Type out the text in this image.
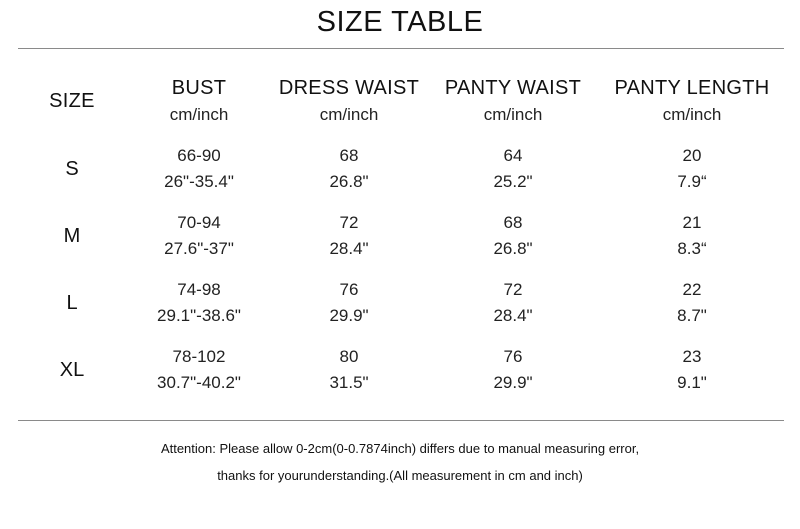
SIZE TABLE
SIZE
BUST
cm/inch
DRESS WAIST
cm/inch
PANTY WAIST
cm/inch
PANTY LENGTH
cm/inch
S
66-90
26"-35.4"
68
26.8"
64
25.2"
20
7.9“
M
70-94
27.6"-37"
72
28.4"
68
26.8"
21
8.3“
L
74-98
29.1"-38.6"
76
29.9"
72
28.4"
22
8.7"
XL
78-102
30.7"-40.2"
80
31.5"
76
29.9"
23
9.1"
Attention: Please allow 0-2cm(0-0.7874inch) differs due to manual measuring error,
thanks for yourunderstanding.(All measurement in cm and inch)
